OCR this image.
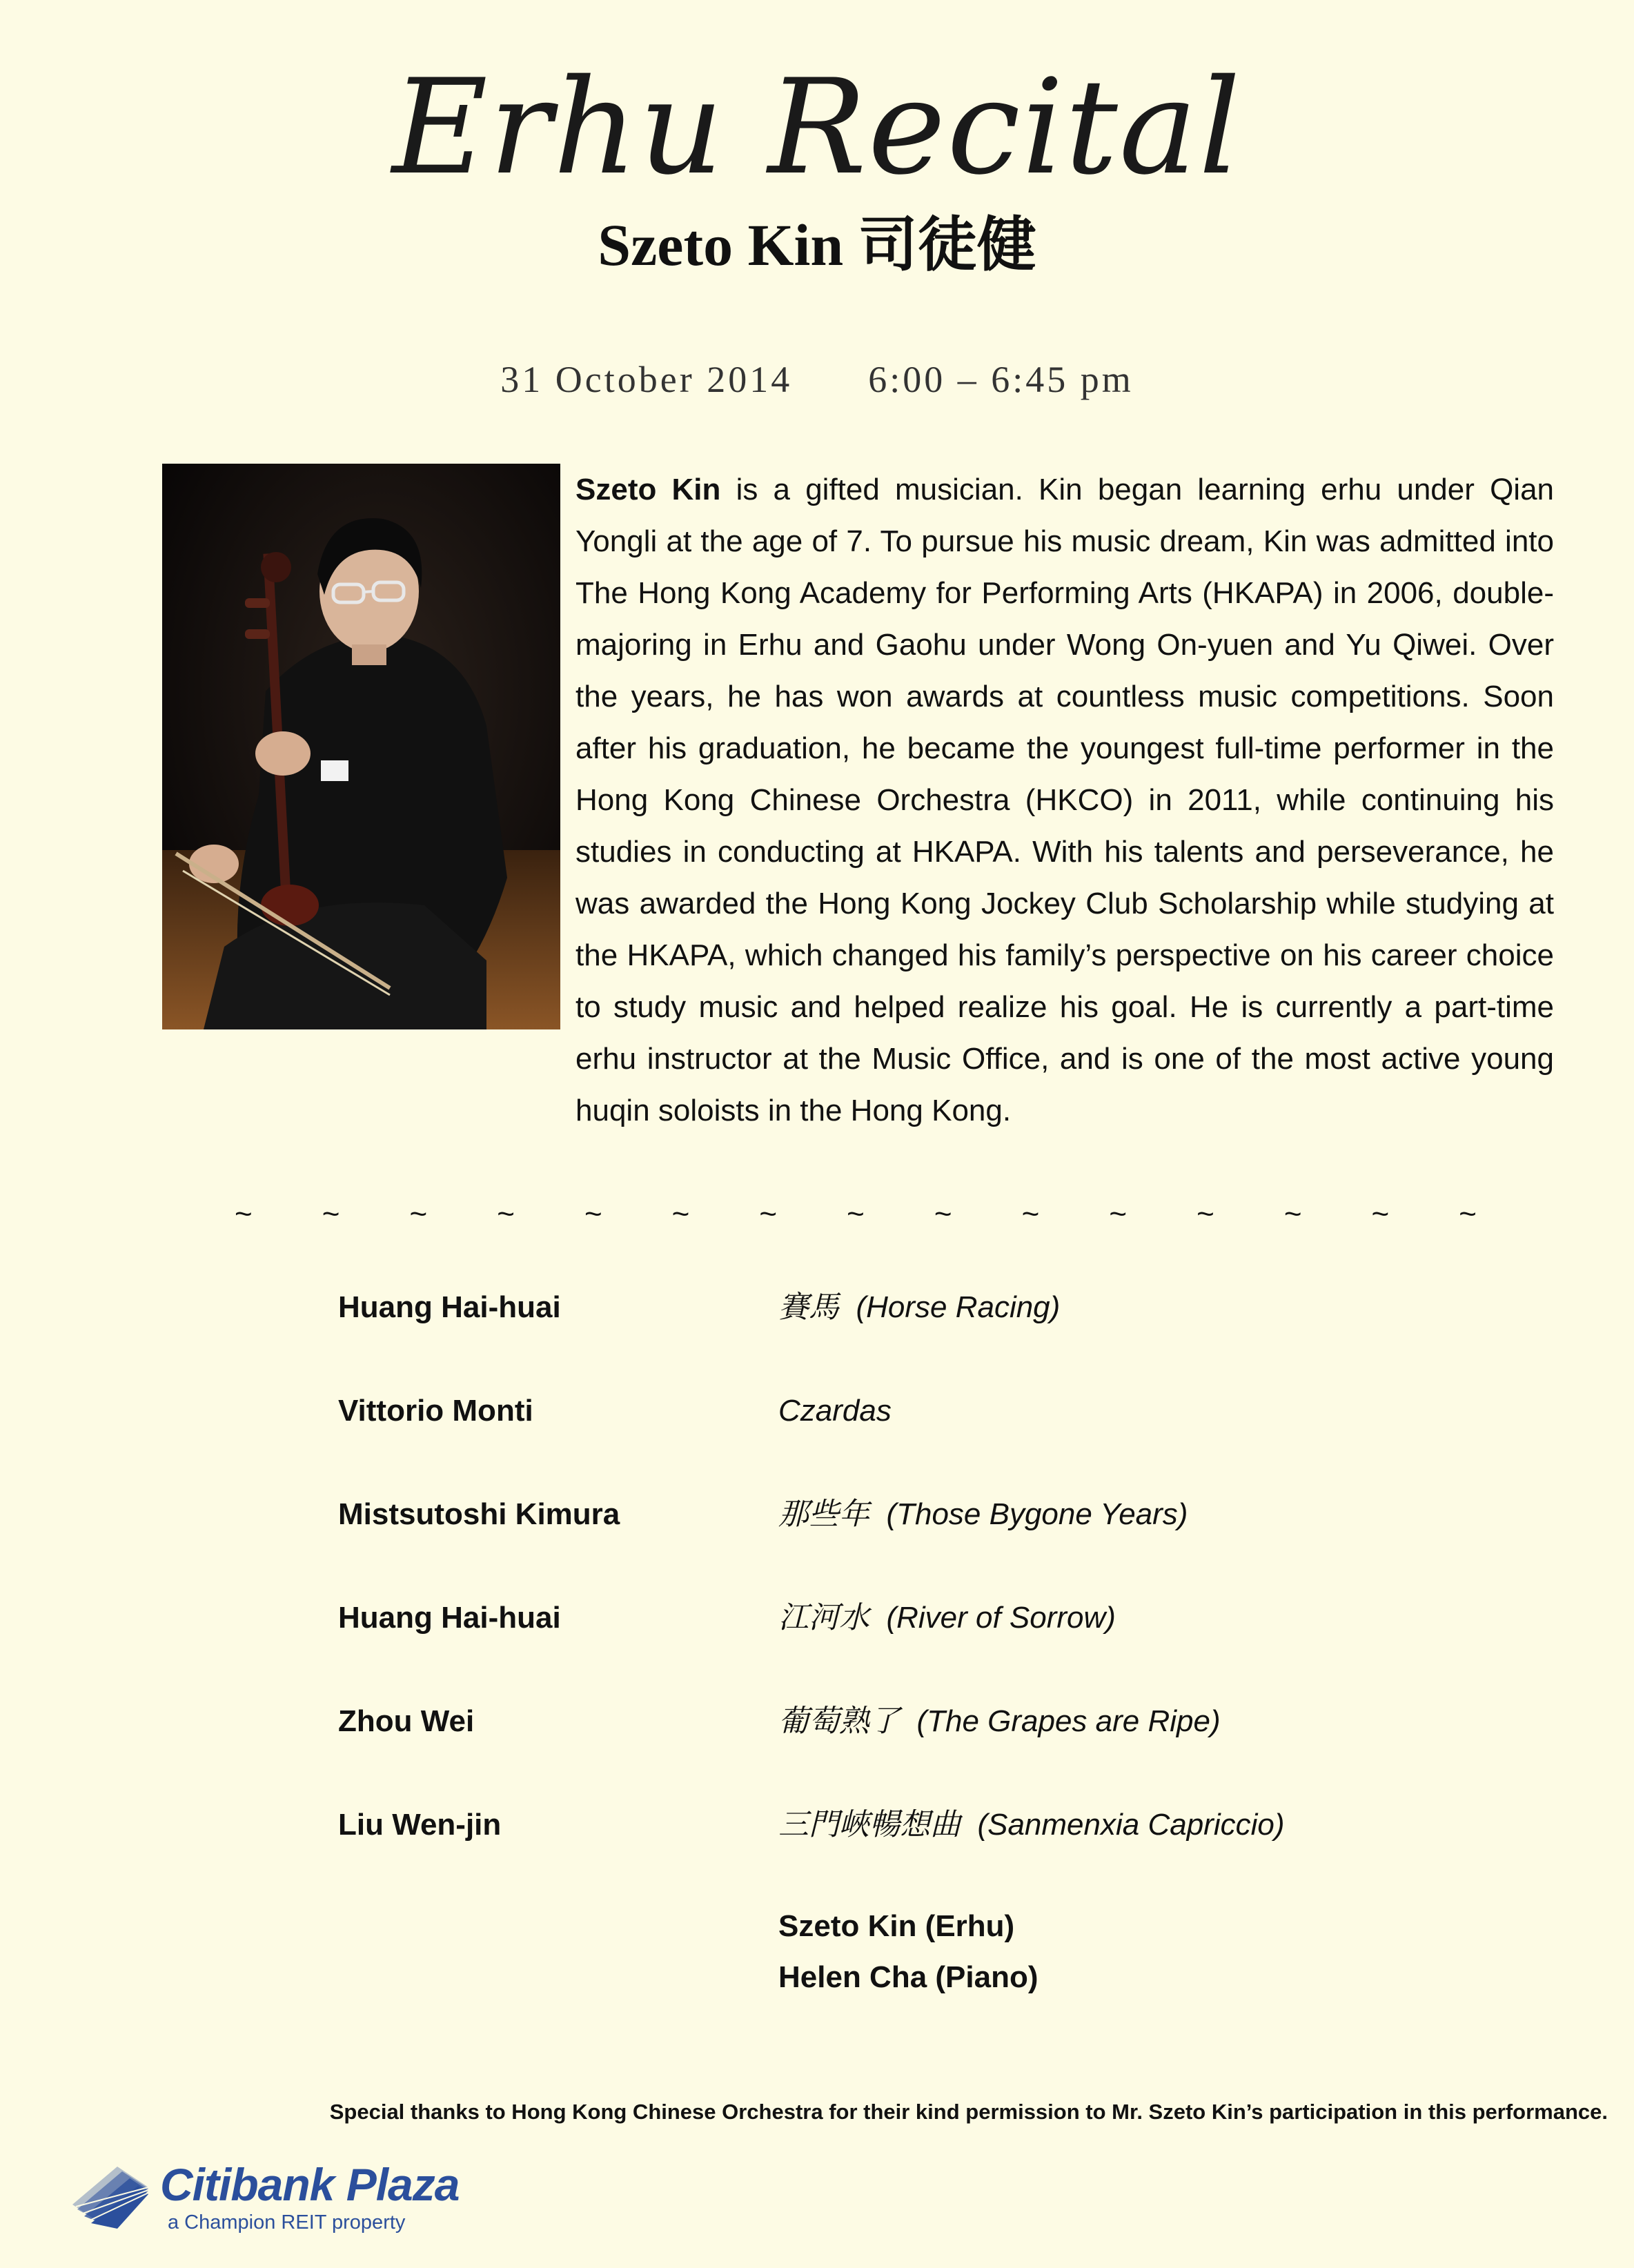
Erhu Recital
Szeto Kin 司徒健
31 October 2014 6:00 – 6:45 pm
Szeto Kin is a gifted musician. Kin began learning erhu under Qian Yongli at the age of 7. To pursue his music dream, Kin was admitted into The Hong Kong Academy for Performing Arts (HKAPA) in 2006, double-majoring in Erhu and Gaohu under Wong On-yuen and Yu Qiwei. Over the years, he has won awards at countless music competitions. Soon after his graduation, he became the youngest full-time performer in the Hong Kong Chinese Orchestra (HKCO) in 2011, while continuing his studies in conducting at HKAPA. With his talents and perseverance, he was awarded the Hong Kong Jockey Club Scholarship while studying at the HKAPA, which changed his family’s perspective on his career choice to study music and helped realize his goal. He is currently a part-time erhu instructor at the Music Office, and is one of the most active young huqin soloists in the Hong Kong.
~ ~ ~ ~ ~ ~ ~ ~ ~ ~ ~ ~ ~ ~ ~
Huang Hai-huai	賽馬  (Horse Racing)
Vittorio Monti	Czardas
Mistsutoshi Kimura	那些年  (Those Bygone Years)
Huang Hai-huai	江河水  (River of Sorrow)
Zhou Wei	葡萄熟了  (The Grapes are Ripe)
Liu Wen-jin	三門峽暢想曲  (Sanmenxia Capriccio)
Szeto Kin (Erhu)
Helen Cha (Piano)
Special thanks to Hong Kong Chinese Orchestra for their kind permission to Mr. Szeto Kin’s participation in this performance.
Citibank Plaza
a Champion REIT property
